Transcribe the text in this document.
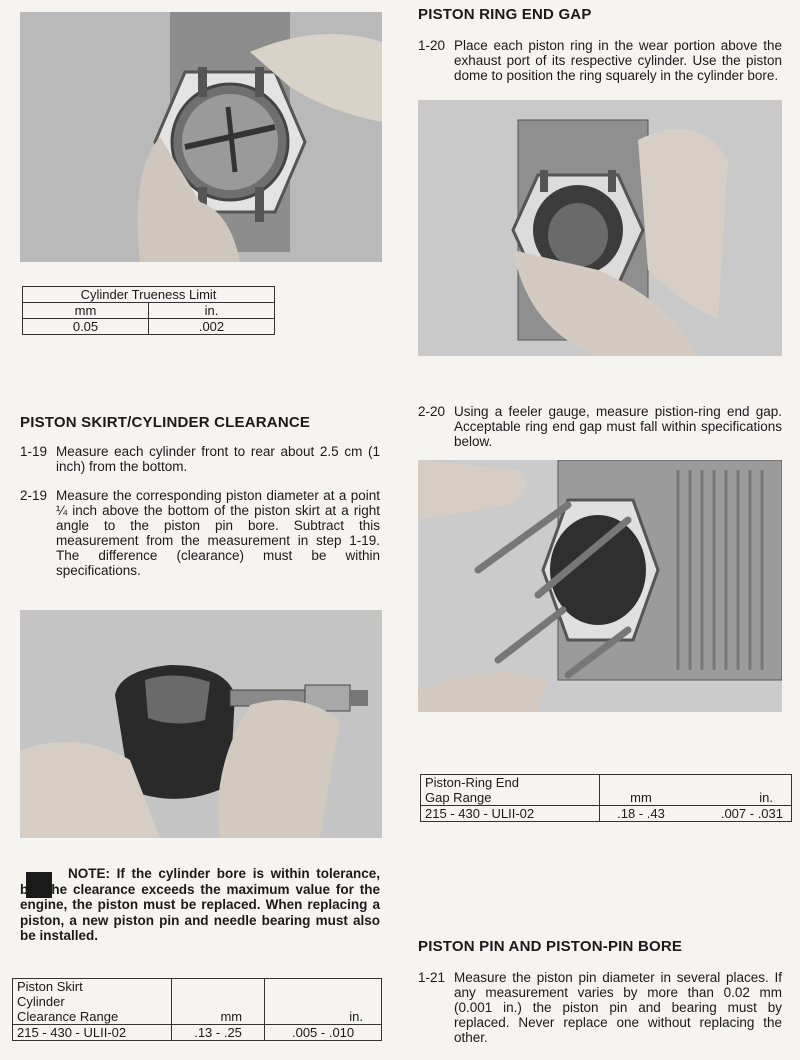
Cylinder Trueness Limit	
mm	in.
0.05	.002
PISTON SKIRT/CYLINDER CLEARANCE
1-19 Measure each cylinder front to rear about 2.5 cm (1 inch) from the bottom.
2-19 Measure the corresponding piston diameter at a point ¼ inch above the bottom of the piston skirt at a right angle to the piston pin bore. Subtract this measurement from the measurement in step 1-19. The difference (clearance) must be within specifications.
NOTE: If the cylinder bore is within tolerance, but the clearance exceeds the maximum value for the engine, the piston must be replaced. When replacing a piston, a new piston pin and needle bearing must also be installed.
Piston Skirt
Cylinder
Clearance Range	mm	in.
215 - 430 - ULII-02	.13 - .25	.005 - .010
PISTON RING END GAP
1-20 Place each piston ring in the wear portion above the exhaust port of its respective cylinder. Use the piston dome to position the ring squarely in the cylinder bore.
2-20 Using a feeler gauge, measure pistion-ring end gap. Acceptable ring end gap must fall within specifications below.
Piston-Ring End
Gap Range	mm	in.
215 - 430 - ULII-02	.18 - .43	.007 - .031
PISTON PIN AND PISTON-PIN BORE
1-21 Measure the piston pin diameter in several places. If any measurement varies by more than 0.02 mm (0.001 in.) the piston pin and bearing must by replaced. Never replace one without replacing the other.
